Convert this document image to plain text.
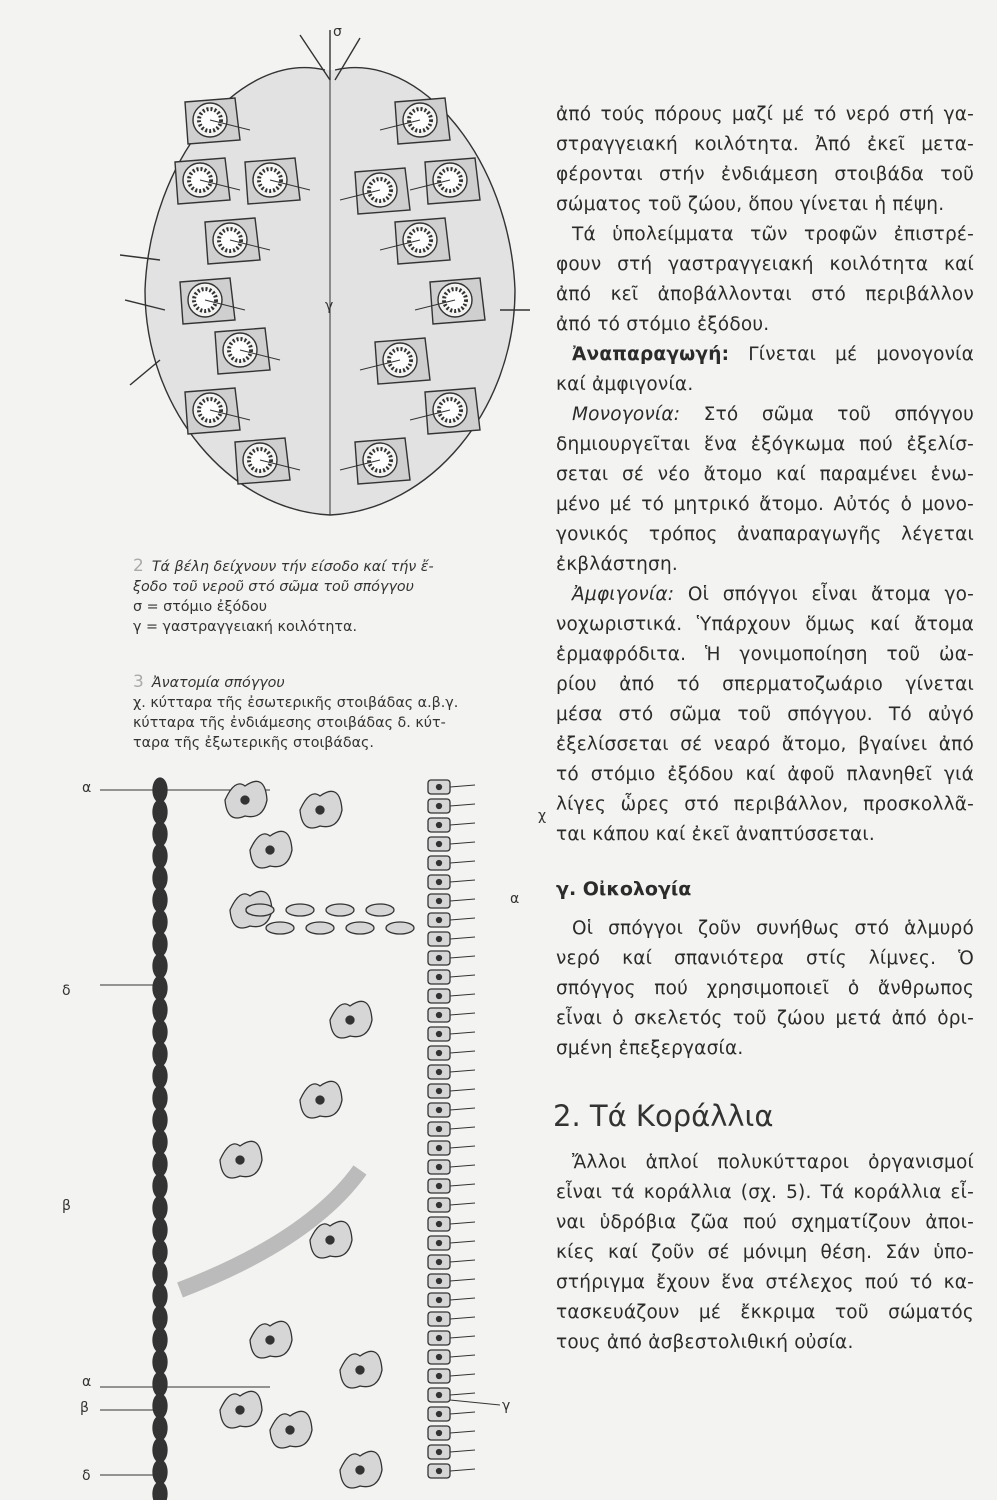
σ
γ
2 Τά βέλη δείχνουν τήν είσοδο καί τήν ἔ-
ξοδο τοῦ νεροῦ στό σῶμα τοῦ σπόγγου
σ = στόμιο ἐξόδου
γ = γαστραγγειακή κοιλότητα.
3 Ἀνατομία σπόγγου
χ. κύτταρα τῆς ἐσωτερικῆς στοιβάδας α.β.γ.
κύτταρα τῆς ἐνδιάμεσης στοιβάδας δ. κύτ-
ταρα τῆς ἐξωτερικῆς στοιβάδας.
α
χ
α
δ
β
α
β	γ
δ
ἀπό τούς πόρους μαζί μέ τό νερό στή γα-
στραγγειακή κοιλότητα. Ἀπό ἐκεῖ μετα-
φέρονται στήν ἐνδιάμεση στοιβάδα τοῦ
σώματος τοῦ ζώου, ὅπου γίνεται ἡ πέψη.
Τά ὑπολείμματα τῶν τροφῶν ἐπιστρέ-
φουν στή γαστραγγειακή κοιλότητα καί
ἀπό κεῖ ἀποβάλλονται στό περιβάλλον
ἀπό τό στόμιο ἐξόδου.
Ἀναπαραγωγή: Γίνεται μέ μονογονία
καί ἀμφιγονία.
Μονογονία: Στό σῶμα τοῦ σπόγγου
δημιουργεῖται ἕνα ἐξόγκωμα πού ἐξελίσ-
σεται σέ νέο ἄτομο καί παραμένει ἑνω-
μένο μέ τό μητρικό ἄτομο. Αὐτός ὁ μονο-
γονικός τρόπος ἀναπαραγωγῆς λέγεται
ἐκβλάστηση.
Ἀμφιγονία: Οἱ σπόγγοι εἶναι ἄτομα γο-
νοχωριστικά. Ὑπάρχουν ὅμως καί ἄτομα
ἑρμαφρόδιτα. Ἡ γονιμοποίηση τοῦ ὠα-
ρίου ἀπό τό σπερματοζωάριο γίνεται
μέσα στό σῶμα τοῦ σπόγγου. Τό αὐγό
ἐξελίσσεται σέ νεαρό ἄτομο, βγαίνει ἀπό
τό στόμιο ἐξόδου καί ἀφοῦ πλανηθεῖ γιά
λίγες ὧρες στό περιβάλλον, προσκολλᾶ-
ται κάπου καί ἐκεῖ ἀναπτύσσεται.
γ. Οἰκολογία
Οἱ σπόγγοι ζοῦν συνήθως στό ἁλμυρό
νερό καί σπανιότερα στίς λίμνες. Ὁ
σπόγγος πού χρησιμοποιεῖ ὁ ἄνθρωπος
εἶναι ὁ σκελετός τοῦ ζώου μετά ἀπό ὁρι-
σμένη ἐπεξεργασία.
2. Τά Κοράλλια
Ἄλλοι ἁπλοί πολυκύτταροι ὀργανισμοί
εἶναι τά κοράλλια (σχ. 5). Τά κοράλλια εἶ-
ναι ὑδρόβια ζῶα πού σχηματίζουν ἀποι-
κίες καί ζοῦν σέ μόνιμη θέση. Σάν ὑπο-
στήριγμα ἔχουν ἕνα στέλεχος πού τό κα-
τασκευάζουν μέ ἔκκριμα τοῦ σώματός
τους ἀπό ἀσβεστολιθική οὐσία.
